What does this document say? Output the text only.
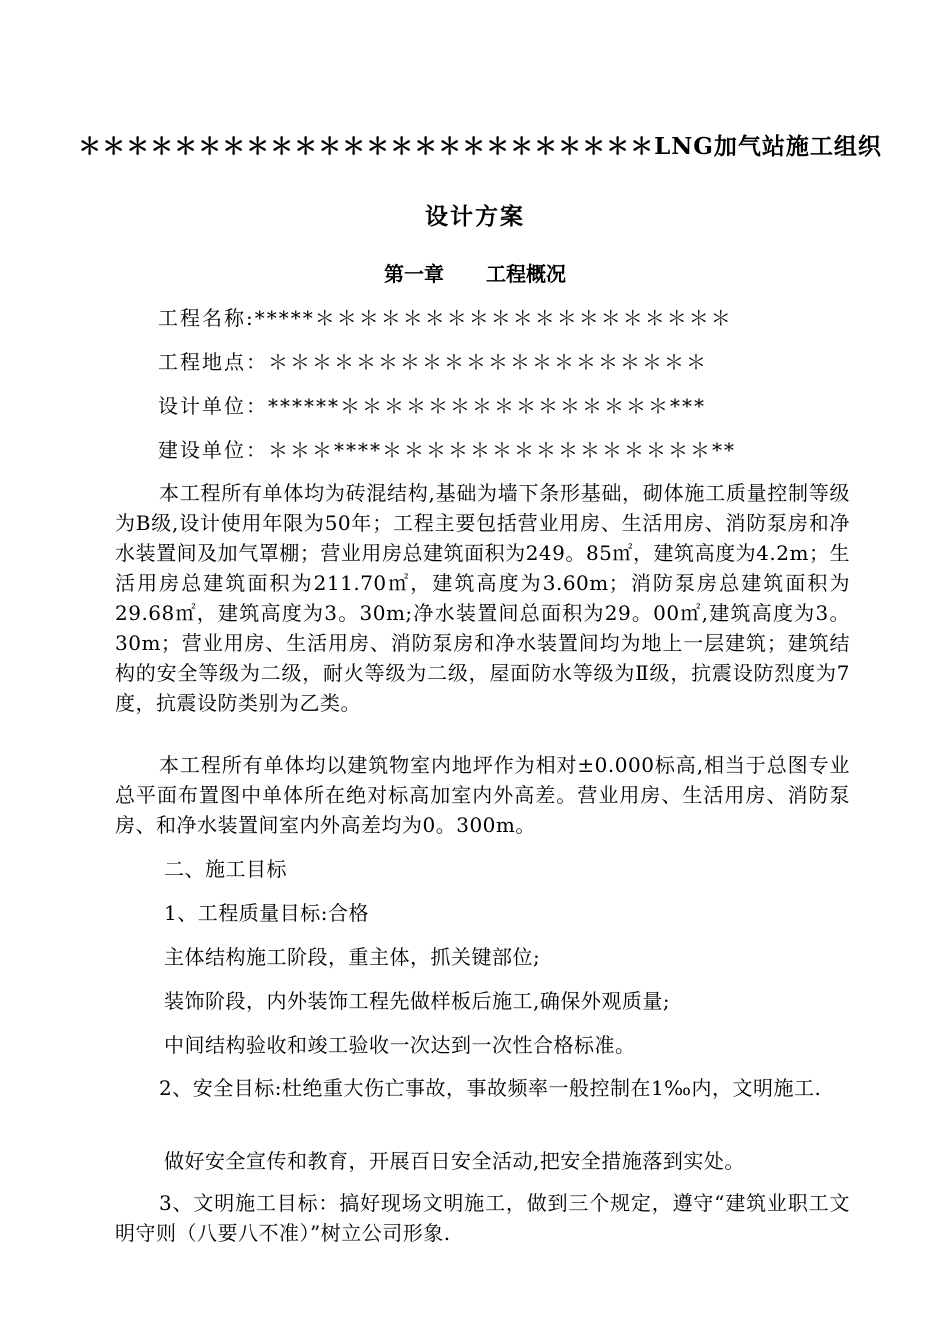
＊＊＊＊＊＊＊＊＊＊＊＊＊＊＊＊＊＊＊＊＊＊＊＊LNG加气站施工组织
设计方案
第一章 工程概况
工程名称:*****＊＊＊＊＊＊＊＊＊＊＊＊＊＊＊＊＊＊＊
工程地点：＊＊＊＊＊＊＊＊＊＊＊＊＊＊＊＊＊＊＊＊
设计单位：******＊＊＊＊＊＊＊＊＊＊＊＊＊＊＊***
建设单位：＊＊＊****＊＊＊＊＊＊＊＊＊＊＊＊＊＊＊**
本工程所有单体均为砖混结构,基础为墙下条形基础，砌体施工质量控制等级为B级,设计使用年限为50年；工程主要包括营业用房、生活用房、消防泵房和净水装置间及加气罩棚；营业用房总建筑面积为249。85㎡，建筑高度为4.2m；生活用房总建筑面积为211.70㎡，建筑高度为3.60m；消防泵房总建筑面积为29.68㎡，建筑高度为3。30m;净水装置间总面积为29。00㎡,建筑高度为3。30m；营业用房、生活用房、消防泵房和净水装置间均为地上一层建筑；建筑结构的安全等级为二级，耐火等级为二级，屋面防水等级为Ⅱ级，抗震设防烈度为7度，抗震设防类别为乙类。
本工程所有单体均以建筑物室内地坪作为相对±0.000标高,相当于总图专业总平面布置图中单体所在绝对标高加室内外高差。营业用房、生活用房、消防泵房、和净水装置间室内外高差均为0。300m。
二、施工目标
1、工程质量目标:合格
主体结构施工阶段，重主体，抓关键部位;
装饰阶段，内外装饰工程先做样板后施工,确保外观质量;
中间结构验收和竣工验收一次达到一次性合格标准。
2、安全目标:杜绝重大伤亡事故，事故频率一般控制在1‰内，文明施工.
做好安全宣传和教育，开展百日安全活动,把安全措施落到实处。
3、文明施工目标：搞好现场文明施工，做到三个规定，遵守“建筑业职工文明守则（八要八不准）”树立公司形象.
